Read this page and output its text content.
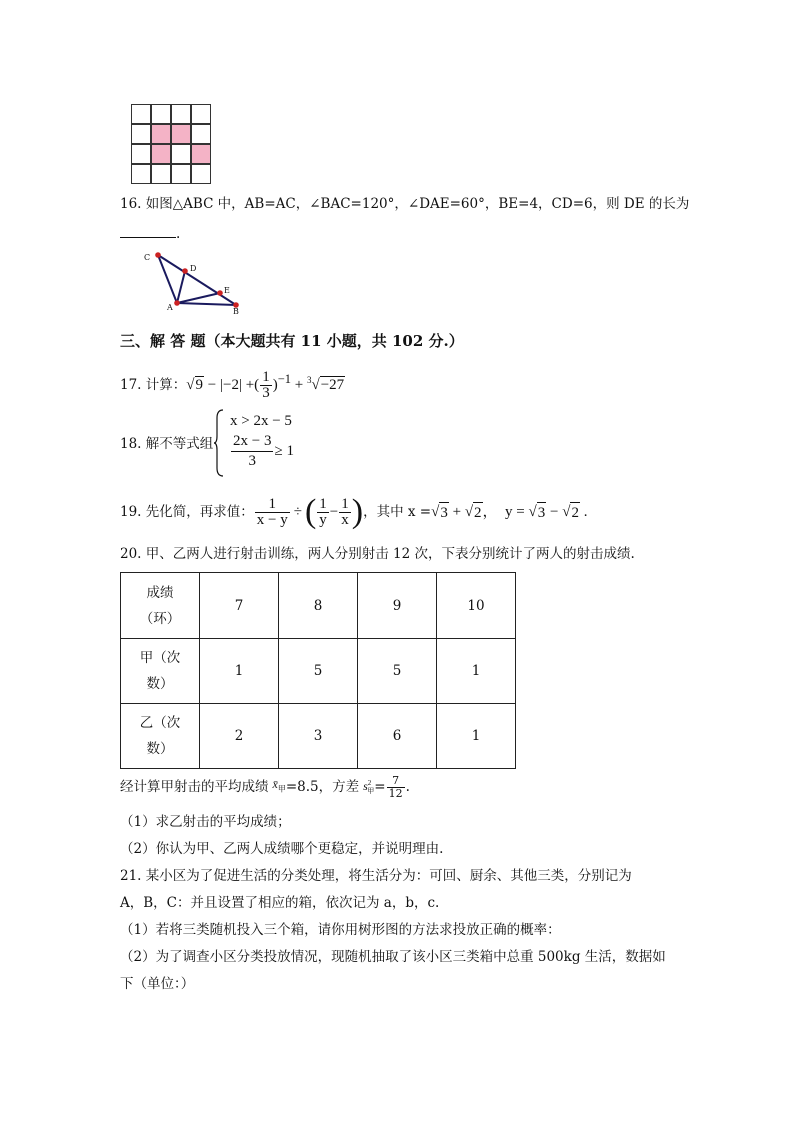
16. 如图△ABC 中，AB=AC，∠BAC=120°，∠DAE=60°，BE=4，CD=6，则 DE 的长为
.
C
D
E
A	B
三、解 答 题（本大题共有 11 小题，共 102 分.）
17. 计算： √9 − |−2| +( $\frac{1}{3} )^{-1} + ^3√-27$
18. 解不等式组
x > 2x − 5
$\frac{2x - 3}{3} \ge 1$
19. 先化简，再求值： $\frac{1}{x - y}$ ÷ ( $\frac{1}{y} - \frac{1}{x}$ ) ，其中 x = √ 3 + √ 2 ，  y = √ 3 − √ 2 .
20. 甲、乙两人进行射击训练，两人分别射击 12 次，下表分别统计了两人的射击成绩.
成绩
（环）	7	8	9	10

甲（次
数）	1	5	5	1

乙（次
数）	2	3	6	1
经计算甲射击的平均成绩 $x̄_甲 =8.5$，方差 $s^2_甲 = \frac{7}{12}$ .
（1）求乙射击的平均成绩；
（2）你认为甲、乙两人成绩哪个更稳定，并说明理由.
21. 某小区为了促进生活的分类处理，将生活分为：可回、厨余、其他三类，分别记为
A，B，C：并且设置了相应的箱，依次记为 a，b，c.
（1）若将三类随机投入三个箱，请你用树形图的方法求投放正确的概率：
（2）为了调查小区分类投放情况，现随机抽取了该小区三类箱中总重 500kg 生活，数据如
下（单位：）
